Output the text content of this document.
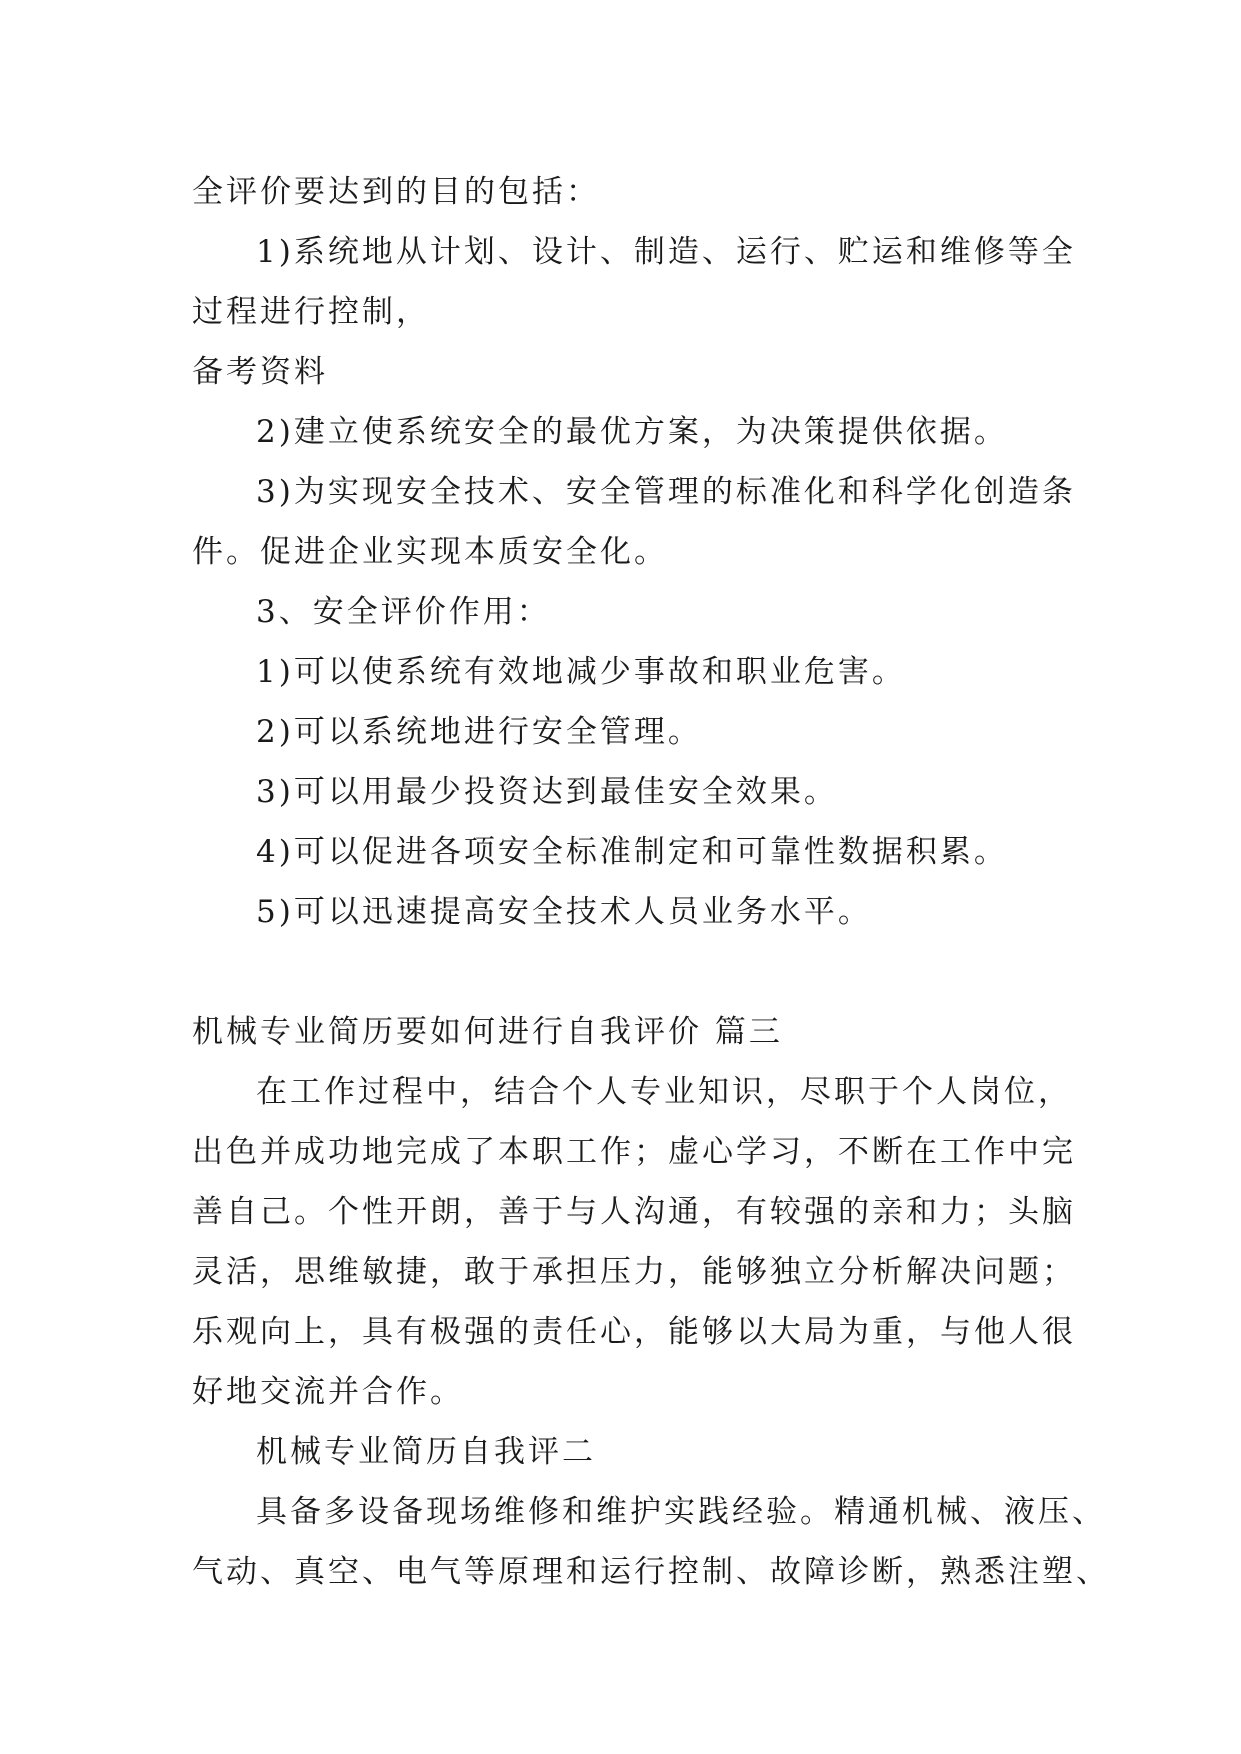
全评价要达到的目的包括：
1)系统地从计划、设计、制造、运行、贮运和维修等全
过程进行控制，
备考资料
2)建立使系统安全的最优方案，为决策提供依据。
3)为实现安全技术、安全管理的标准化和科学化创造条
件。促进企业实现本质安全化。
3、安全评价作用：
1)可以使系统有效地减少事故和职业危害。
2)可以系统地进行安全管理。
3)可以用最少投资达到最佳安全效果。
4)可以促进各项安全标准制定和可靠性数据积累。
5)可以迅速提高安全技术人员业务水平。
机械专业简历要如何进行自我评价 篇三
在工作过程中，结合个人专业知识，尽职于个人岗位，
出色并成功地完成了本职工作；虚心学习，不断在工作中完
善自己。个性开朗，善于与人沟通，有较强的亲和力；头脑
灵活，思维敏捷，敢于承担压力，能够独立分析解决问题；
乐观向上，具有极强的责任心，能够以大局为重，与他人很
好地交流并合作。
机械专业简历自我评二
具备多设备现场维修和维护实践经验。精通机械、液压、
气动、真空、电气等原理和运行控制、故障诊断，熟悉注塑、
